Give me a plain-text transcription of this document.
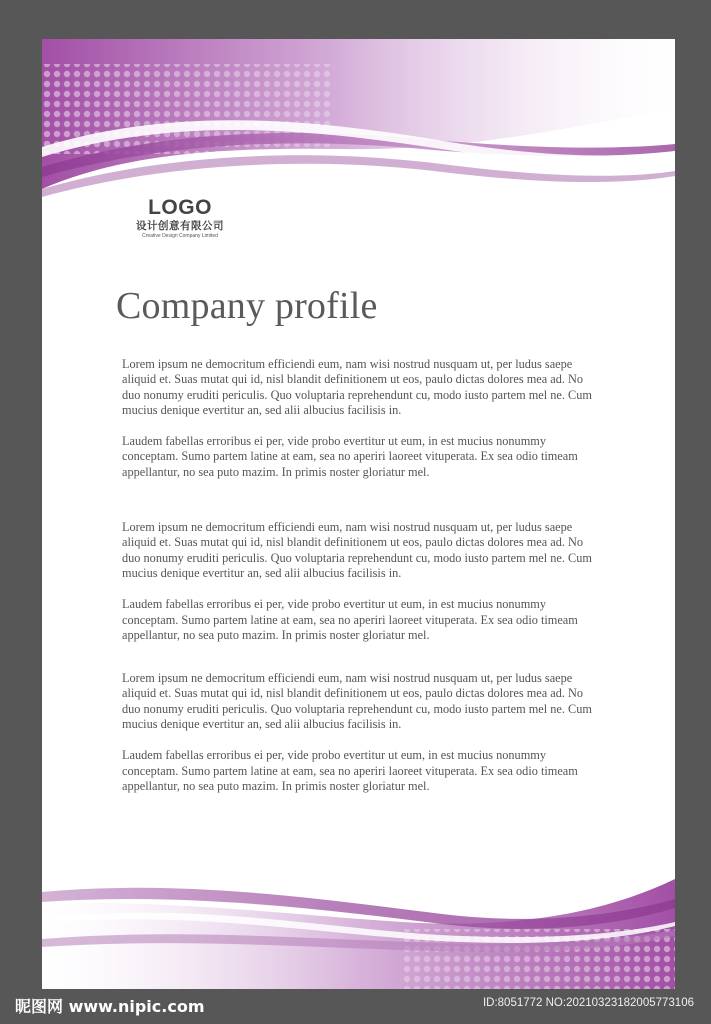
LOGO
设计创意有限公司
Creative Design Company Limited
Company profile

Lorem ipsum ne democritum efficiendi eum, nam wisi nostrud nusquam ut, per ludus saepe aliquid et. Suas mutat qui id, nisl blandit definitionem ut eos, paulo dictas dolores mea ad. No duo nonumy eruditi periculis. Quo voluptaria reprehendunt cu, modo iusto partem mel ne. Cum mucius denique evertitur an, sed alii albucius facilisis in.

Laudem fabellas erroribus ei per, vide probo evertitur ut eum, in est mucius nonummy conceptam. Sumo partem latine at eam, sea no aperiri laoreet vituperata. Ex sea odio timeam appellantur, no sea puto mazim. In primis noster gloriatur mel.

Lorem ipsum ne democritum efficiendi eum, nam wisi nostrud nusquam ut, per ludus saepe aliquid et. Suas mutat qui id, nisl blandit definitionem ut eos, paulo dictas dolores mea ad. No duo nonumy eruditi periculis. Quo voluptaria reprehendunt cu, modo iusto partem mel ne. Cum mucius denique evertitur an, sed alii albucius facilisis in.

Laudem fabellas erroribus ei per, vide probo evertitur ut eum, in est mucius nonummy conceptam. Sumo partem latine at eam, sea no aperiri laoreet vituperata. Ex sea odio timeam appellantur, no sea puto mazim. In primis noster gloriatur mel.

Lorem ipsum ne democritum efficiendi eum, nam wisi nostrud nusquam ut, per ludus saepe aliquid et. Suas mutat qui id, nisl blandit definitionem ut eos, paulo dictas dolores mea ad. No duo nonumy eruditi periculis. Quo voluptaria reprehendunt cu, modo iusto partem mel ne. Cum mucius denique evertitur an, sed alii albucius facilisis in.

Laudem fabellas erroribus ei per, vide probo evertitur ut eum, in est mucius nonummy conceptam. Sumo partem latine at eam, sea no aperiri laoreet vituperata. Ex sea odio timeam appellantur, no sea puto mazim. In primis noster gloriatur mel.

昵图网 www.nipic.com	ID:8051772 NO:20210323182005773106
